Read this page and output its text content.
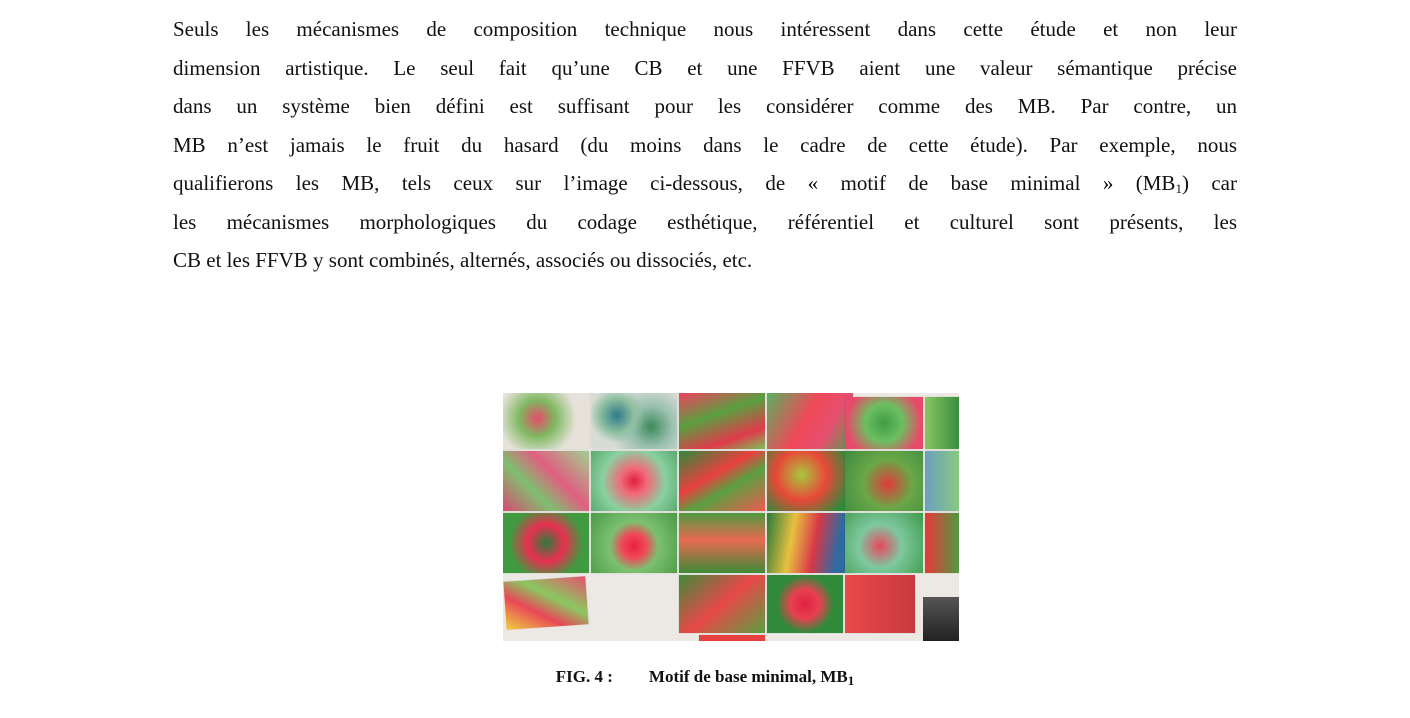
Seuls les mécanismes de composition technique nous intéressent dans cette étude et non leur
dimension artistique. Le seul fait qu’une CB et une FFVB aient une valeur sémantique précise
dans un système bien défini est suffisant pour les considérer comme des MB. Par contre, un
MB n’est jamais le fruit du hasard (du moins dans le cadre de cette étude). Par exemple, nous
qualifierons les MB, tels ceux sur l’image ci-dessous, de « motif de base minimal » $(MB_1)$ car
les mécanismes morphologiques du codage esthétique, référentiel et culturel sont présents, les
CB et les FFVB y sont combinés, alternés, associés ou dissociés, etc.
FIG. 4 : Motif de base minimal, $MB_1$
